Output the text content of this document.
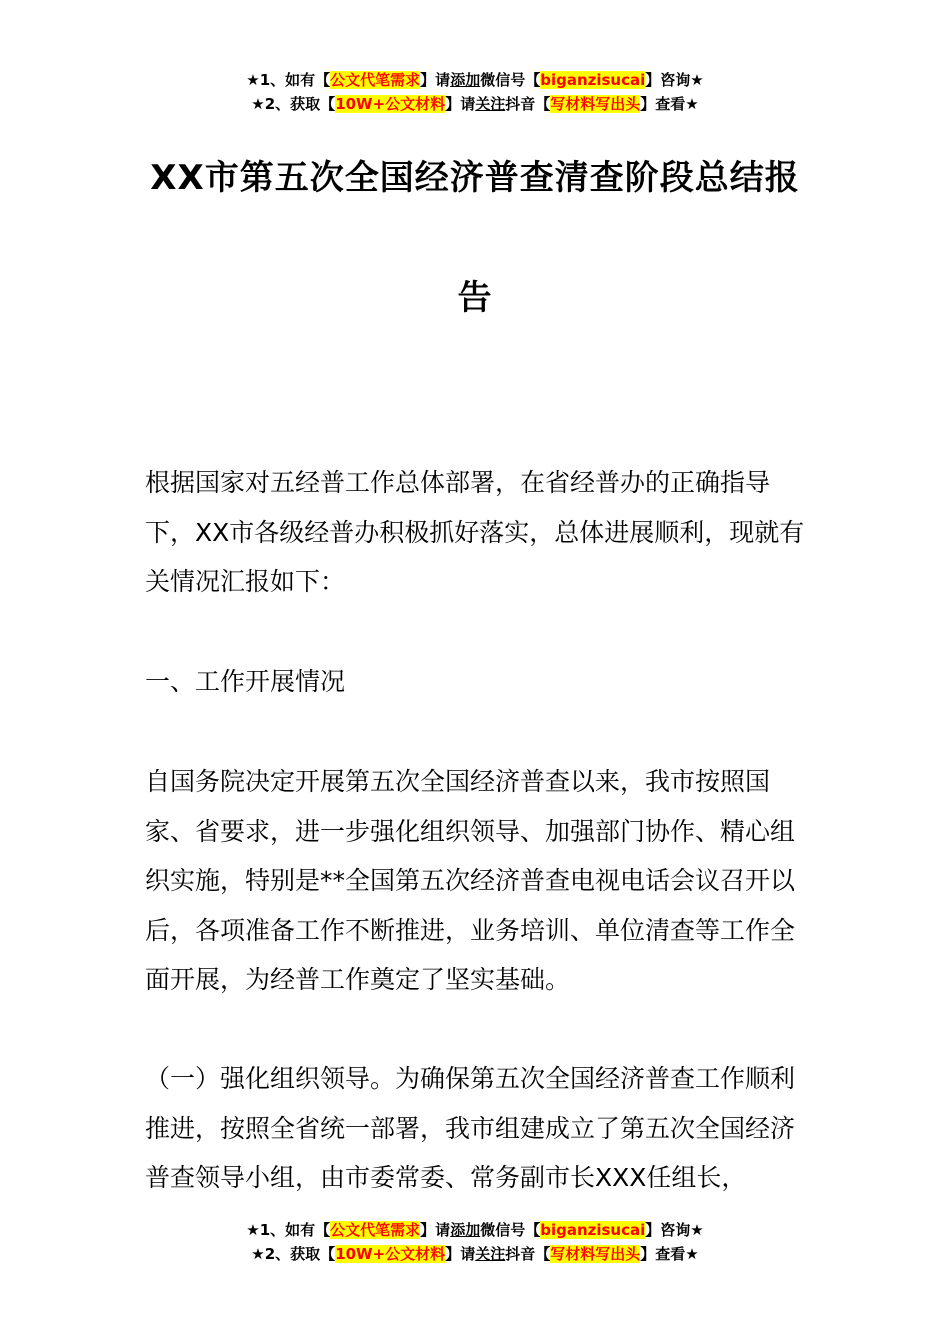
★1、如有【公文代笔需求】请添加微信号【biganzisucai】咨询★
★2、获取【10W+公文材料】请关注抖音【写材料写出头】查看★
XX市第五次全国经济普查清查阶段总结报
告

根据国家对五经普工作总体部署，在省经普办的正确指导下，XX市各级经普办积极抓好落实，总体进展顺利，现就有关情况汇报如下：

一、工作开展情况

自国务院决定开展第五次全国经济普查以来，我市按照国家、省要求，进一步强化组织领导、加强部门协作、精心组织实施，特别是**全国第五次经济普查电视电话会议召开以后，各项准备工作不断推进，业务培训、单位清查等工作全面开展，为经普工作奠定了坚实基础。

（一）强化组织领导。为确保第五次全国经济普查工作顺利推进，按照全省统一部署，我市组建成立了第五次全国经济普查领导小组，由市委常委、常务副市长XXX任组长，

★1、如有【公文代笔需求】请添加微信号【biganzisucai】咨询★
★2、获取【10W+公文材料】请关注抖音【写材料写出头】查看★
